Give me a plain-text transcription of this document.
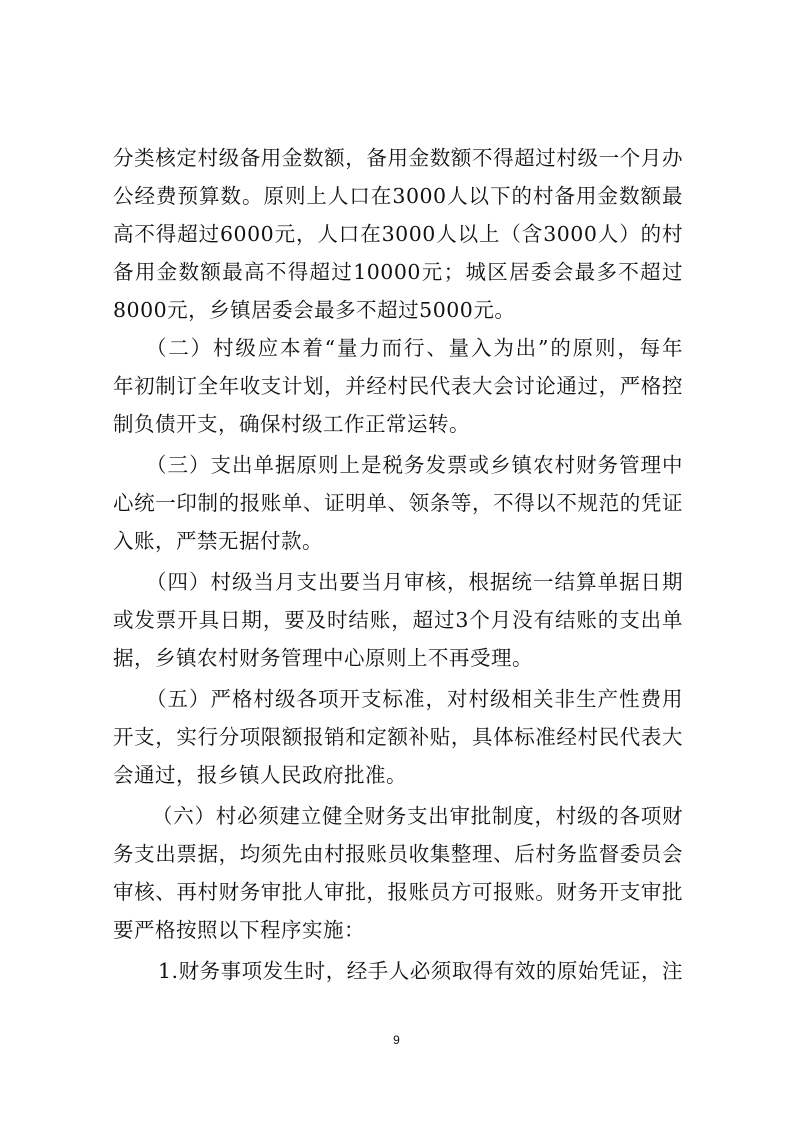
分类核定村级备用金数额，备用金数额不得超过村级一个月办
公经费预算数。原则上人口在3000人以下的村备用金数额最
高不得超过6000元，人口在3000人以上（含3000人）的村
备用金数额最高不得超过10000元；城区居委会最多不超过
8000元，乡镇居委会最多不超过5000元。
（二）村级应本着“量力而行、量入为出”的原则，每年
年初制订全年收支计划，并经村民代表大会讨论通过，严格控
制负债开支，确保村级工作正常运转。
（三）支出单据原则上是税务发票或乡镇农村财务管理中
心统一印制的报账单、证明单、领条等，不得以不规范的凭证
入账，严禁无据付款。
（四）村级当月支出要当月审核，根据统一结算单据日期
或发票开具日期，要及时结账，超过3个月没有结账的支出单
据，乡镇农村财务管理中心原则上不再受理。
（五）严格村级各项开支标准，对村级相关非生产性费用
开支，实行分项限额报销和定额补贴，具体标准经村民代表大
会通过，报乡镇人民政府批准。
（六）村必须建立健全财务支出审批制度，村级的各项财
务支出票据，均须先由村报账员收集整理、后村务监督委员会
审核、再村财务审批人审批，报账员方可报账。财务开支审批
要严格按照以下程序实施：
1.财务事项发生时，经手人必须取得有效的原始凭证，注
9
